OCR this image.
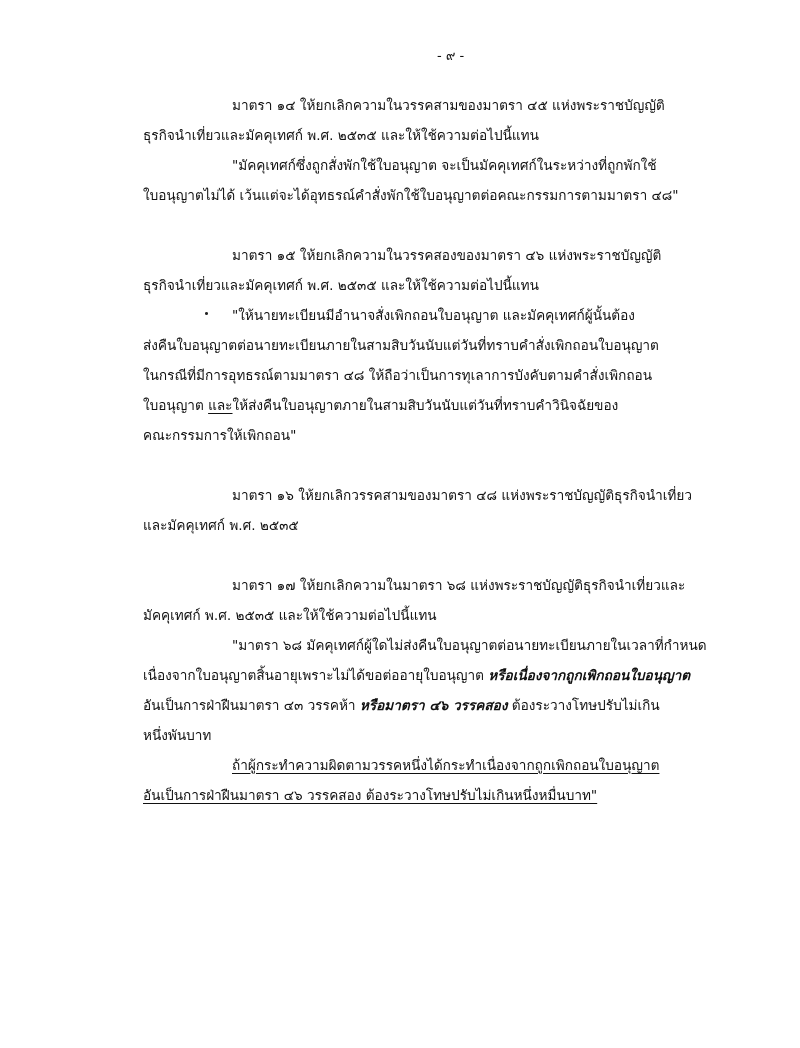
- ๙ -
มาตรา ๑๔ ให้ยกเลิกความในวรรคสามของมาตรา ๔๕ แห่งพระราชบัญญัติ
ธุรกิจนำเที่ยวและมัคคุเทศก์ พ.ศ. ๒๕๓๕ และให้ใช้ความต่อไปนี้แทน
"มัคคุเทศก์ซึ่งถูกสั่งพักใช้ใบอนุญาต จะเป็นมัคคุเทศก์ในระหว่างที่ถูกพักใช้
ใบอนุญาตไม่ได้ เว้นแต่จะได้อุทธรณ์คำสั่งพักใช้ใบอนุญาตต่อคณะกรรมการตามมาตรา ๔๘"
มาตรา ๑๕ ให้ยกเลิกความในวรรคสองของมาตรา ๔๖ แห่งพระราชบัญญัติ
ธุรกิจนำเที่ยวและมัคคุเทศก์ พ.ศ. ๒๕๓๕ และให้ใช้ความต่อไปนี้แทน
"ให้นายทะเบียนมีอำนาจสั่งเพิกถอนใบอนุญาต และมัคคุเทศก์ผู้นั้นต้อง
ส่งคืนใบอนุญาตต่อนายทะเบียนภายในสามสิบวันนับแต่วันที่ทราบคำสั่งเพิกถอนใบอนุญาต
ในกรณีที่มีการอุทธรณ์ตามมาตรา ๔๘ ให้ถือว่าเป็นการทุเลาการบังคับตามคำสั่งเพิกถอน
ใบอนุญาต และให้ส่งคืนใบอนุญาตภายในสามสิบวันนับแต่วันที่ทราบคำวินิจฉัยของ
คณะกรรมการให้เพิกถอน"
มาตรา ๑๖ ให้ยกเลิกวรรคสามของมาตรา ๔๘ แห่งพระราชบัญญัติธุรกิจนำเที่ยว
และมัคคุเทศก์ พ.ศ. ๒๕๓๕
มาตรา ๑๗ ให้ยกเลิกความในมาตรา ๖๘ แห่งพระราชบัญญัติธุรกิจนำเที่ยวและ
มัคคุเทศก์ พ.ศ. ๒๕๓๕ และให้ใช้ความต่อไปนี้แทน
"มาตรา ๖๘ มัคคุเทศก์ผู้ใดไม่ส่งคืนใบอนุญาตต่อนายทะเบียนภายในเวลาที่กำหนด
เนื่องจากใบอนุญาตสิ้นอายุเพราะไม่ได้ขอต่ออายุใบอนุญาต หรือเนื่องจากถูกเพิกถอนใบอนุญาต
อันเป็นการฝ่าฝืนมาตรา ๔๓ วรรคห้า หรือมาตรา ๔๖ วรรคสอง ต้องระวางโทษปรับไม่เกิน
หนึ่งพันบาท
ถ้าผู้กระทำความผิดตามวรรคหนึ่งได้กระทำเนื่องจากถูกเพิกถอนใบอนุญาต
อันเป็นการฝ่าฝืนมาตรา ๔๖ วรรคสอง ต้องระวางโทษปรับไม่เกินหนึ่งหมื่นบาท"
